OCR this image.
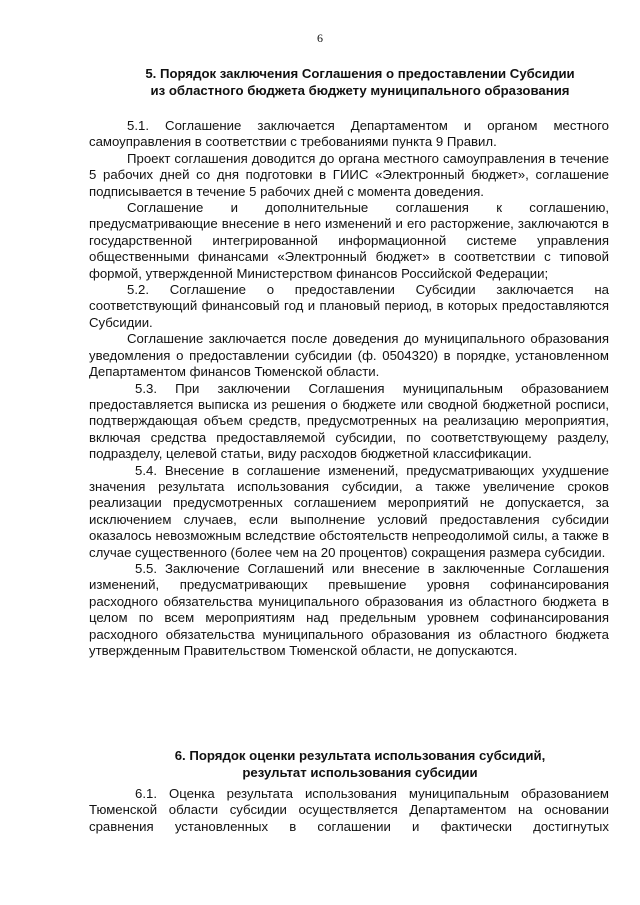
6
5. Порядок заключения Соглашения о предоставлении Субсидии
из областного бюджета бюджету муниципального образования

5.1. Соглашение заключается Департаментом и органом местного самоуправления в соответствии с требованиями пункта 9 Правил.

Проект соглашения доводится до органа местного самоуправления в течение 5 рабочих дней со дня подготовки в ГИИС «Электронный бюджет», соглашение подписывается в течение 5 рабочих дней с момента доведения.

Соглашение и дополнительные соглашения к соглашению, предусматривающие внесение в него изменений и его расторжение, заключаются в государственной интегрированной информационной системе управления общественными финансами «Электронный бюджет» в соответствии с типовой формой, утвержденной Министерством финансов Российской Федерации;

5.2. Соглашение о предоставлении Субсидии заключается на соответствующий финансовый год и плановый период, в которых предоставляются Субсидии.

Соглашение заключается после доведения до муниципального образования уведомления о предоставлении субсидии (ф. 0504320) в порядке, установленном Департаментом финансов Тюменской области.

5.3. При заключении Соглашения муниципальным образованием предоставляется выписка из решения о бюджете или сводной бюджетной росписи, подтверждающая объем средств, предусмотренных на реализацию мероприятия, включая средства предоставляемой субсидии, по соответствующему разделу, подразделу, целевой статьи, виду расходов бюджетной классификации.

5.4. Внесение в соглашение изменений, предусматривающих ухудшение значения результата использования субсидии, а также увеличение сроков реализации предусмотренных соглашением мероприятий не допускается, за исключением случаев, если выполнение условий предоставления субсидии оказалось невозможным вследствие обстоятельств непреодолимой силы, а также в случае существенного (более чем на 20 процентов) сокращения размера субсидии.

5.5. Заключение Соглашений или внесение в заключенные Соглашения изменений, предусматривающих превышение уровня софинансирования расходного обязательства муниципального образования из областного бюджета в целом по всем мероприятиям над предельным уровнем софинансирования расходного обязательства муниципального образования из областного бюджета утвержденным Правительством Тюменской области, не допускаются.

6. Порядок оценки результата использования субсидий,
результат использования субсидии

6.1. Оценка результата использования муниципальным образованием Тюменской области субсидии осуществляется Департаментом на основании сравнения установленных в соглашении и фактически достигнутых
